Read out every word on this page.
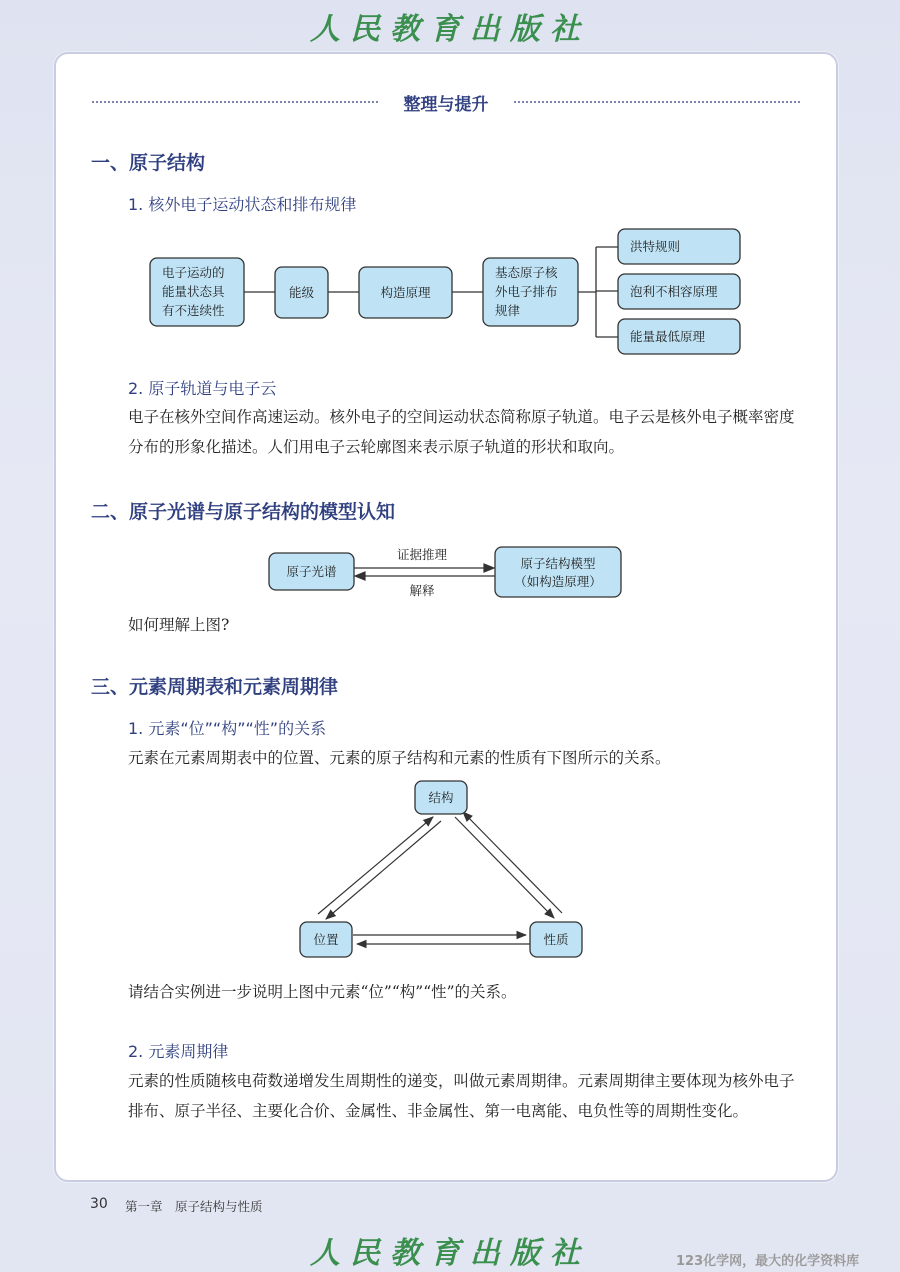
人民教育出版社
整理与提升
一、原子结构
1. 核外电子运动状态和排布规律
电子运动的
能量状态具
有不连续性
能级	构造原理
基态原子核
外电子排布
规律
洪特规则
泡利不相容原理
能量最低原理
2. 原子轨道与电子云
电子在核外空间作高速运动。核外电子的空间运动状态简称原子轨道。电子云是核外电子概率密度分布的形象化描述。人们用电子云轮廓图来表示原子轨道的形状和取向。
二、原子光谱与原子结构的模型认知
原子光谱
原子结构模型
（如构造原理）
证据推理
解释
如何理解上图?
三、元素周期表和元素周期律
1. 元素“位”“构”“性”的关系
元素在元素周期表中的位置、元素的原子结构和元素的性质有下图所示的关系。
结构
位置	性质
请结合实例进一步说明上图中元素“位”“构”“性”的关系。
2. 元素周期律
元素的性质随核电荷数递增发生周期性的递变，叫做元素周期律。元素周期律主要体现为核外电子排布、原子半径、主要化合价、金属性、非金属性、第一电离能、电负性等的周期性变化。
30 第一章　原子结构与性质
人民教育出版社	123化学网，最大的化学资料库
